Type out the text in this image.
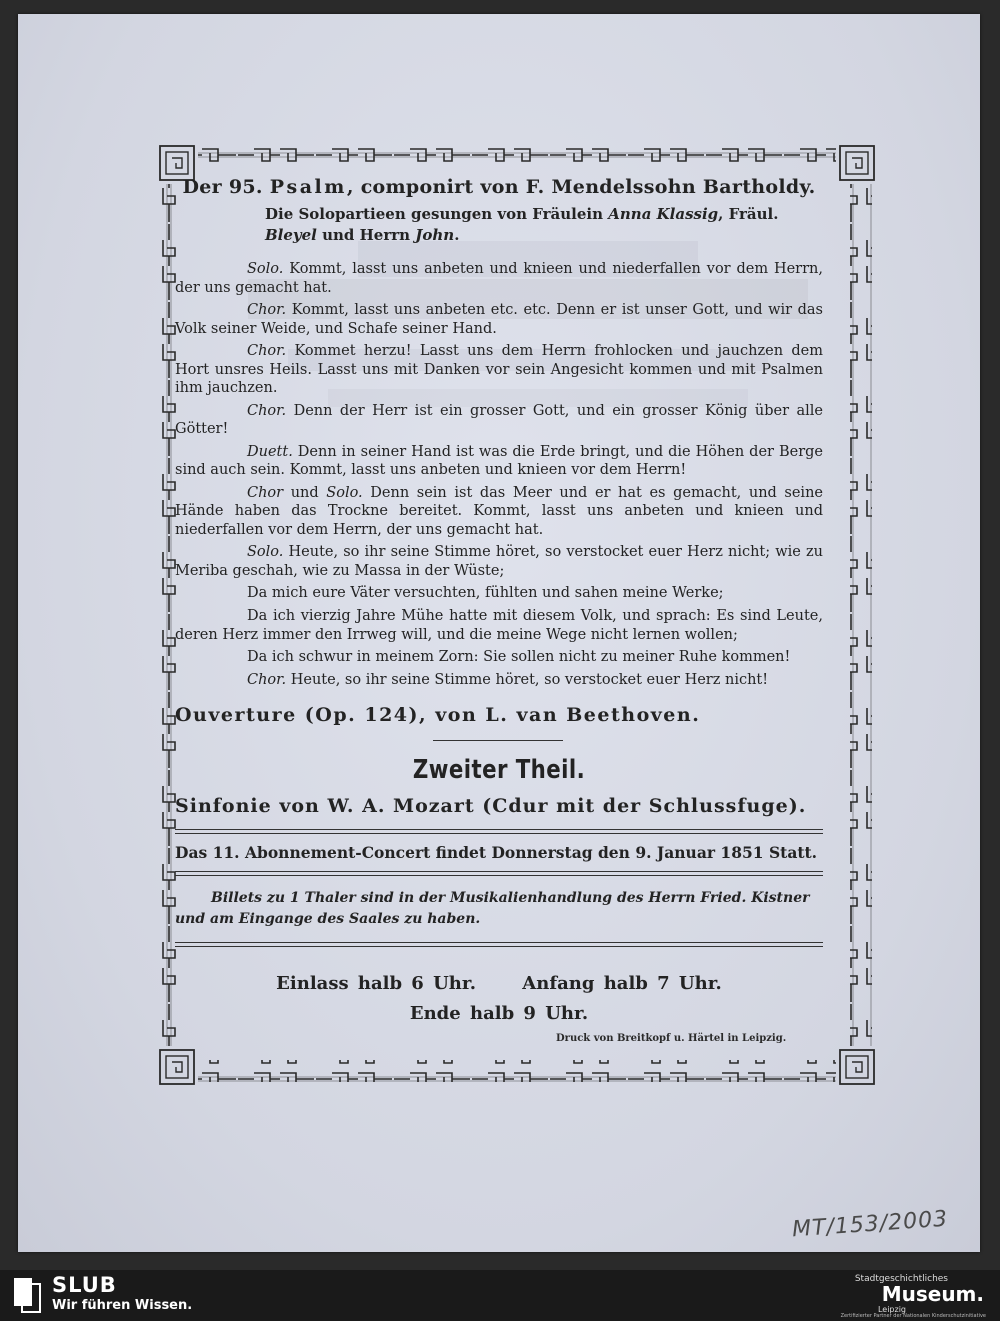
Der 95. Psalm, componirt von F. Mendelssohn Bartholdy.
Die Solopartieen gesungen von Fräulein Anna Klassig, Fräul.
Bleyel und Herrn John.

Solo. Kommt, lasst uns anbeten und knieen und niederfallen vor dem Herrn, der uns gemacht hat.

Chor. Kommt, lasst uns anbeten etc. etc. Denn er ist unser Gott, und wir das Volk seiner Weide, und Schafe seiner Hand.

Chor. Kommet herzu! Lasst uns dem Herrn frohlocken und jauchzen dem Hort unsres Heils. Lasst uns mit Danken vor sein Angesicht kommen und mit Psalmen ihm jauchzen.

Chor. Denn der Herr ist ein grosser Gott, und ein grosser König über alle Götter!

Duett. Denn in seiner Hand ist was die Erde bringt, und die Höhen der Berge sind auch sein. Kommt, lasst uns anbeten und knieen vor dem Herrn!

Chor und Solo. Denn sein ist das Meer und er hat es gemacht, und seine Hände haben das Trockne bereitet. Kommt, lasst uns anbeten und knieen und niederfallen vor dem Herrn, der uns gemacht hat.

Solo. Heute, so ihr seine Stimme höret, so verstocket euer Herz nicht; wie zu Meriba geschah, wie zu Massa in der Wüste;

Da mich eure Väter versuchten, fühlten und sahen meine Werke;

Da ich vierzig Jahre Mühe hatte mit diesem Volk, und sprach: Es sind Leute, deren Herz immer den Irrweg will, und die meine Wege nicht lernen wollen;

Da ich schwur in meinem Zorn: Sie sollen nicht zu meiner Ruhe kommen!

Chor. Heute, so ihr seine Stimme höret, so verstocket euer Herz nicht!

Ouverture (Op. 124), von L. van Beethoven.
Zweiter Theil.
Sinfonie von W. A. Mozart (Cdur mit der Schlussfuge).
Das 11. Abonnement-Concert findet Donnerstag den 9. Januar 1851 Statt.
Billets zu 1 Thaler sind in der Musikalienhandlung des Herrn Fried. Kistner und am Eingange des Saales zu haben.
Einlass halb 6 Uhr.     Anfang halb 7 Uhr.
Ende halb 9 Uhr.
Druck von Breitkopf u. Härtel in Leipzig.
MT/153/2003
SLUB
Wir führen Wissen.
Stadtgeschichtliches
Museum.
Leipzig
Zertifizierter Partner der Nationalen Kinderschutzinitiative
